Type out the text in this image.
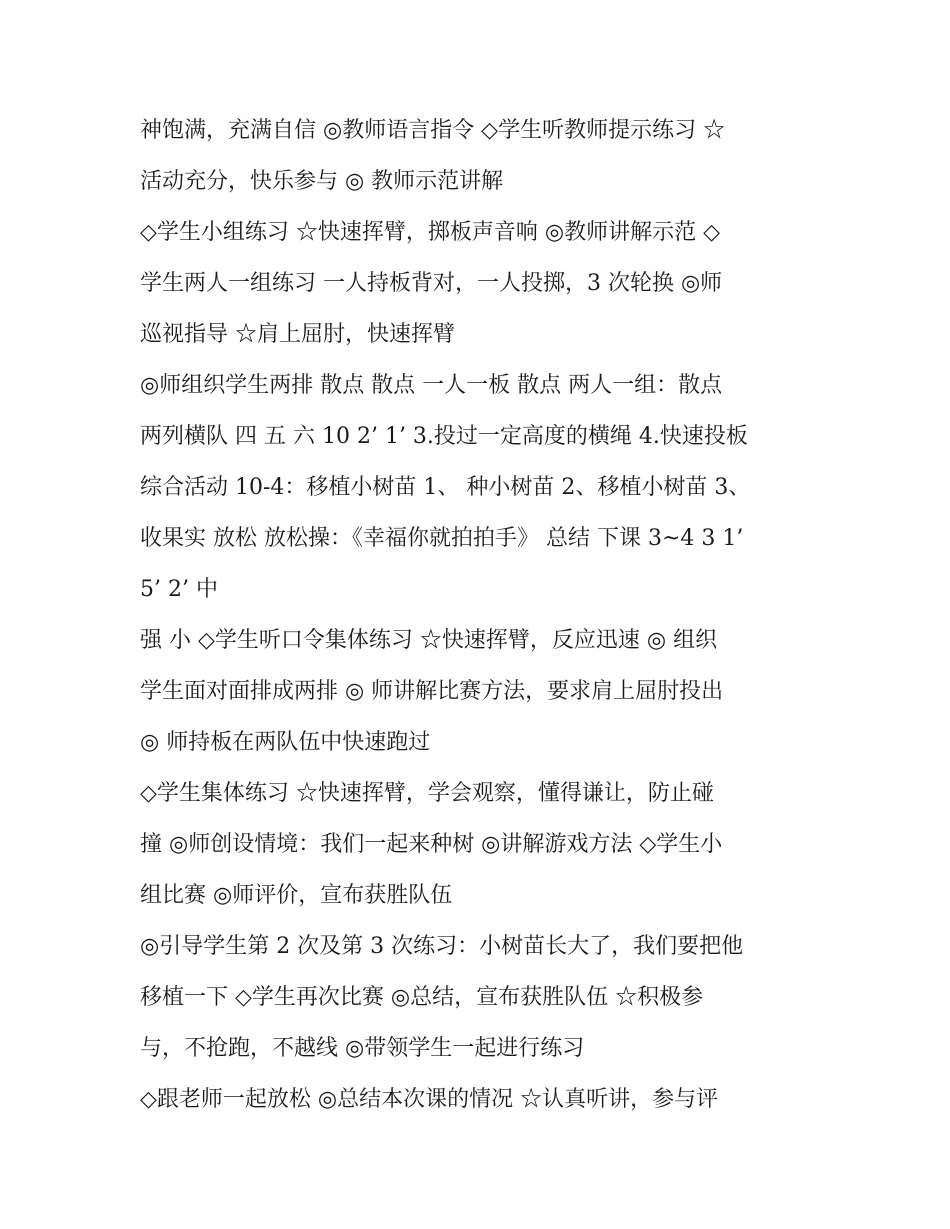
神饱满，充满自信 ◎教师语言指令 ◇学生听教师提示练习 ☆
活动充分，快乐参与 ◎ 教师示范讲解
◇学生小组练习 ☆快速挥臂，掷板声音响 ◎教师讲解示范 ◇
学生两人一组练习 一人持板背对，一人投掷，3 次轮换 ◎师
巡视指导 ☆肩上屈肘，快速挥臂
◎师组织学生两排 散点 散点 一人一板 散点 两人一组：散点
两列横队 四 五 六 10 2’ 1’ 3.投过一定高度的横绳 4.快速投板
综合活动 10-4：移植小树苗 1、 种小树苗 2、移植小树苗 3、
收果实 放松 放松操：《幸福你就拍拍手》 总结 下课 3~4 3 1’
5’ 2’ 中
强 小 ◇学生听口令集体练习 ☆快速挥臂，反应迅速 ◎ 组织
学生面对面排成两排 ◎ 师讲解比赛方法，要求肩上屈肘投出
◎ 师持板在两队伍中快速跑过
◇学生集体练习 ☆快速挥臂，学会观察，懂得谦让，防止碰
撞 ◎师创设情境：我们一起来种树 ◎讲解游戏方法 ◇学生小
组比赛 ◎师评价，宣布获胜队伍
◎引导学生第 2 次及第 3 次练习：小树苗长大了，我们要把他
移植一下 ◇学生再次比赛 ◎总结，宣布获胜队伍 ☆积极参
与，不抢跑，不越线 ◎带领学生一起进行练习
◇跟老师一起放松 ◎总结本次课的情况 ☆认真听讲，参与评
